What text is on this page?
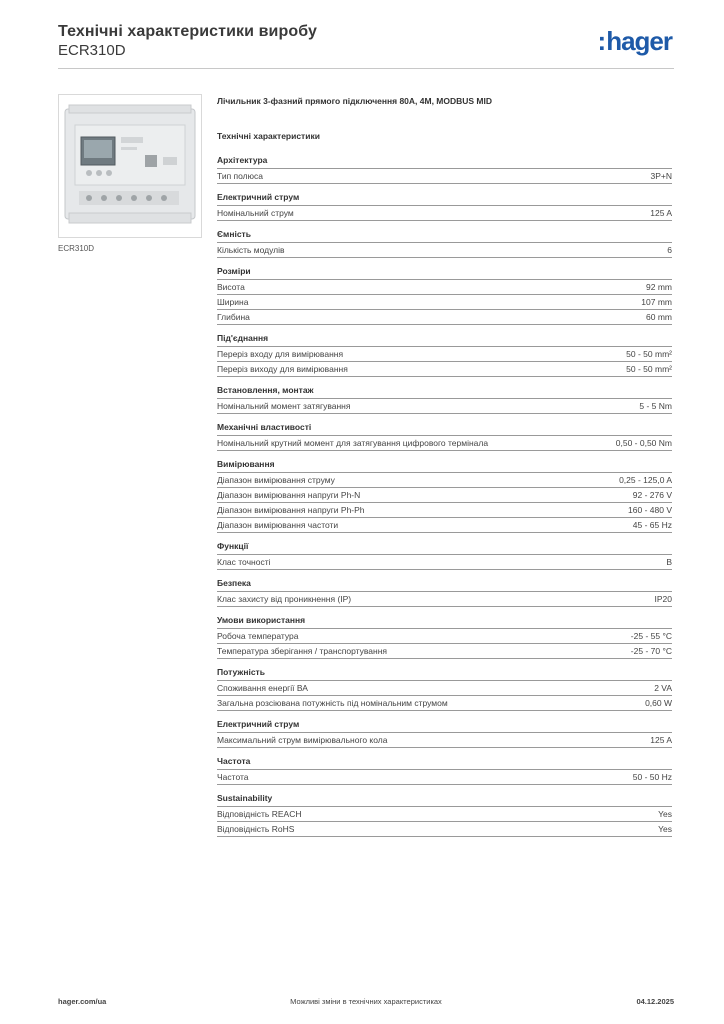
Технічні характеристики виробу
ECR310D	:hager
ECR310D
Лічильник 3-фазний прямого підключення 80А, 4М, MODBUS MID
Технічні характеристики
Архітектура
Тип полюса	3P+N
Електричний струм
Номінальний струм	125 A
Ємність
Кількість модулів	6
Розміри
Висота	92 mm
Ширина	107 mm
Глибина	60 mm
Під'єднання
Переріз входу для вимірювання	50 - 50 mm²
Переріз виходу для вимірювання	50 - 50 mm²
Встановлення, монтаж
Номінальний момент затягування	5 - 5 Nm
Механічні властивості
Номінальний крутний момент для затягування цифрового термінала	0,50 - 0,50 Nm
Вимірювання
Діапазон вимірювання струму	0,25 - 125,0 A
Діапазон вимірювання напруги Ph-N	92 - 276 V
Діапазон вимірювання напруги Ph-Ph	160 - 480 V
Діапазон вимірювання частоти	45 - 65 Hz
Функції
Клас точності	B
Безпека
Клас захисту від проникнення (IP)	IP20
Умови використання
Робоча температура	-25 - 55 °C
Температура зберігання / транспортування	-25 - 70 °C
Потужність
Споживання енергії ВА	2 VA
Загальна розсіювана потужність під номінальним струмом	0,60 W
Електричний струм
Максимальний струм вимірювального кола	125 A
Частота
Частота	50 - 50 Hz
Sustainability
Відповідність REACH	Yes
Відповідність RoHS	Yes
Можливі зміни в технічних характеристиках
hager.com/ua	04.12.2025
